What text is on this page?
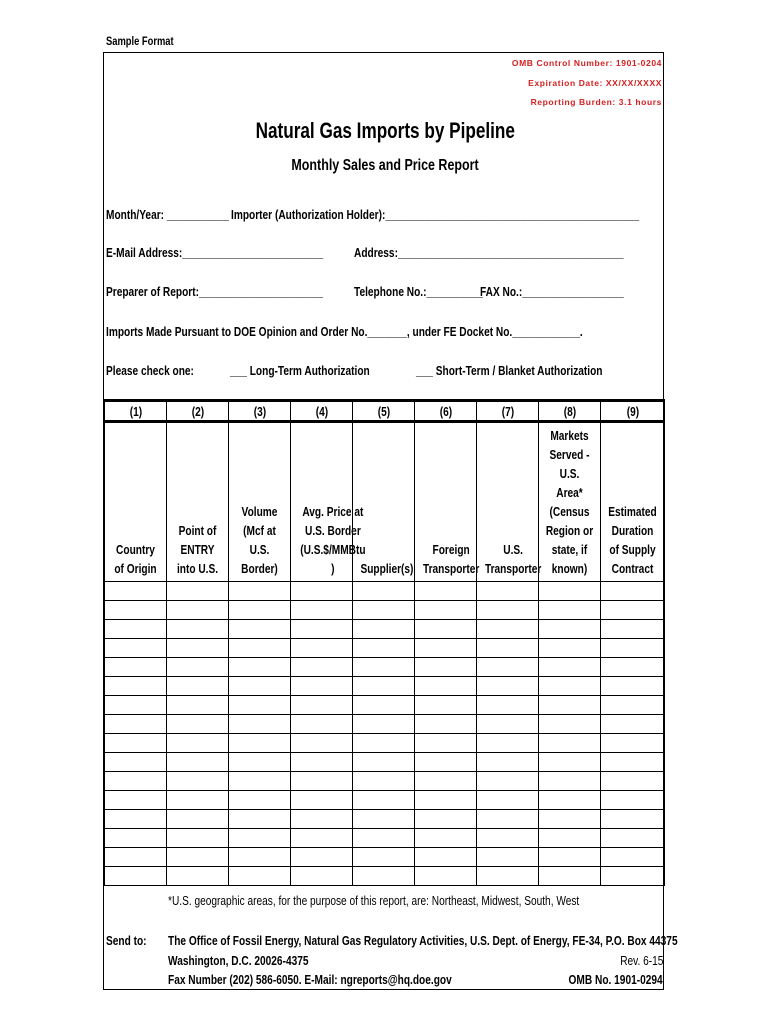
Sample Format
OMB Control Number: 1901-0204
Expiration Date: XX/XX/XXXX
Reporting Burden: 3.1 hours
Natural Gas Imports by Pipeline
Monthly Sales and Price Report
Month/Year: ___________ Importer (Authorization Holder):_____________________________________________
E-Mail Address:_________________________ Address:________________________________________
Preparer of Report:______________________ Telephone No.:__________
FAX No.:__________________
Imports Made Pursuant to DOE Opinion and Order No._______, under FE Docket No.____________.
Please check one:	___ Long-Term Authorization	___ Short-Term / Blanket Authorization
(1)	(2)	(3)	(4)	(5)	(6)	(7)	(8)	(9)
Country of Origin	Point of ENTRY into U.S.	Volume (Mcf at U.S. Border)	Avg. Price at U.S. Border (U.S.$/MMBtu )	Supplier(s)	Foreign Transporter	U.S. Transporter	Markets Served - U.S. Area* (Census Region or state, if known)	Estimated Duration of Supply Contract

*U.S. geographic areas, for the purpose of this report, are: Northeast, Midwest, South, West
Send to: The Office of Fossil Energy, Natural Gas Regulatory Activities, U.S. Dept. of Energy, FE-34, P.O. Box 44375
Washington, D.C. 20026-4375
Fax Number (202) 586-6050. E-Mail: ngreports@hq.doe.gov
Rev. 6-15
OMB No. 1901-0294
